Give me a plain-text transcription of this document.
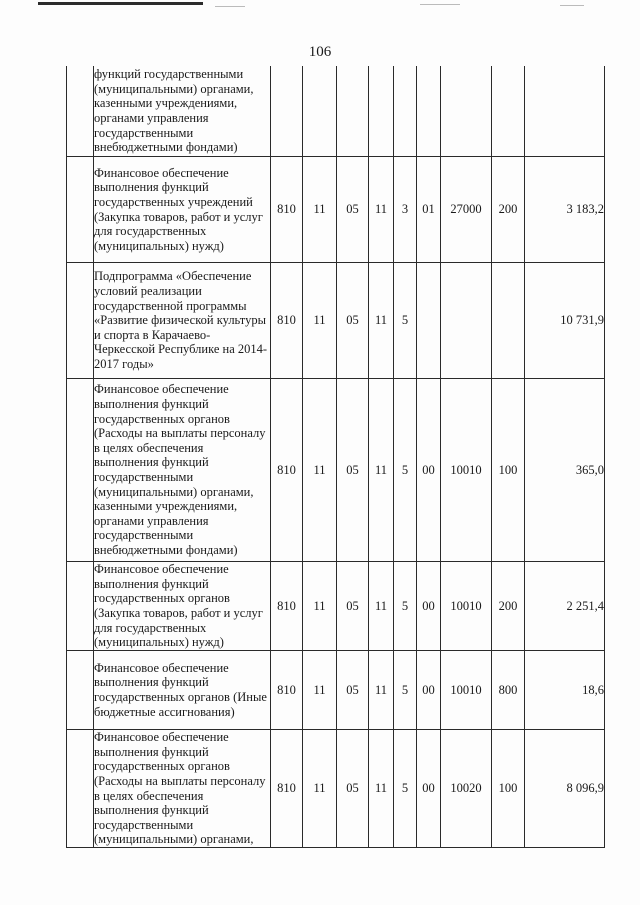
106
	функций государственными (муниципальными) органами, казенными учреждениями, органами управления государственными внебюджетными фондами)									
	Финансовое обеспечение выполнения функций государственных учреждений (Закупка товаров, работ и услуг для государственных (муниципальных) нужд)	810	11	05	11	3	01	27000	200	3 183,2
	Подпрограмма «Обеспечение условий реализации государственной программы «Развитие физической культуры и спорта в Карачаево-Черкесской Республике на 2014-2017 годы»	810	11	05	11	5				10 731,9
	Финансовое обеспечение выполнения функций государственных органов (Расходы на выплаты персоналу в целях обеспечения выполнения функций государственными (муниципальными) органами, казенными учреждениями, органами управления государственными внебюджетными фондами)	810	11	05	11	5	00	10010	100	365,0
	Финансовое обеспечение выполнения функций государственных органов (Закупка товаров, работ и услуг для государственных (муниципальных) нужд)	810	11	05	11	5	00	10010	200	2 251,4
	Финансовое обеспечение выполнения функций государственных органов (Иные бюджетные ассигнования)	810	11	05	11	5	00	10010	800	18,6
	Финансовое обеспечение выполнения функций государственных органов (Расходы на выплаты персоналу в целях обеспечения выполнения функций государственными (муниципальными) органами,	810	11	05	11	5	00	10020	100	8 096,9
